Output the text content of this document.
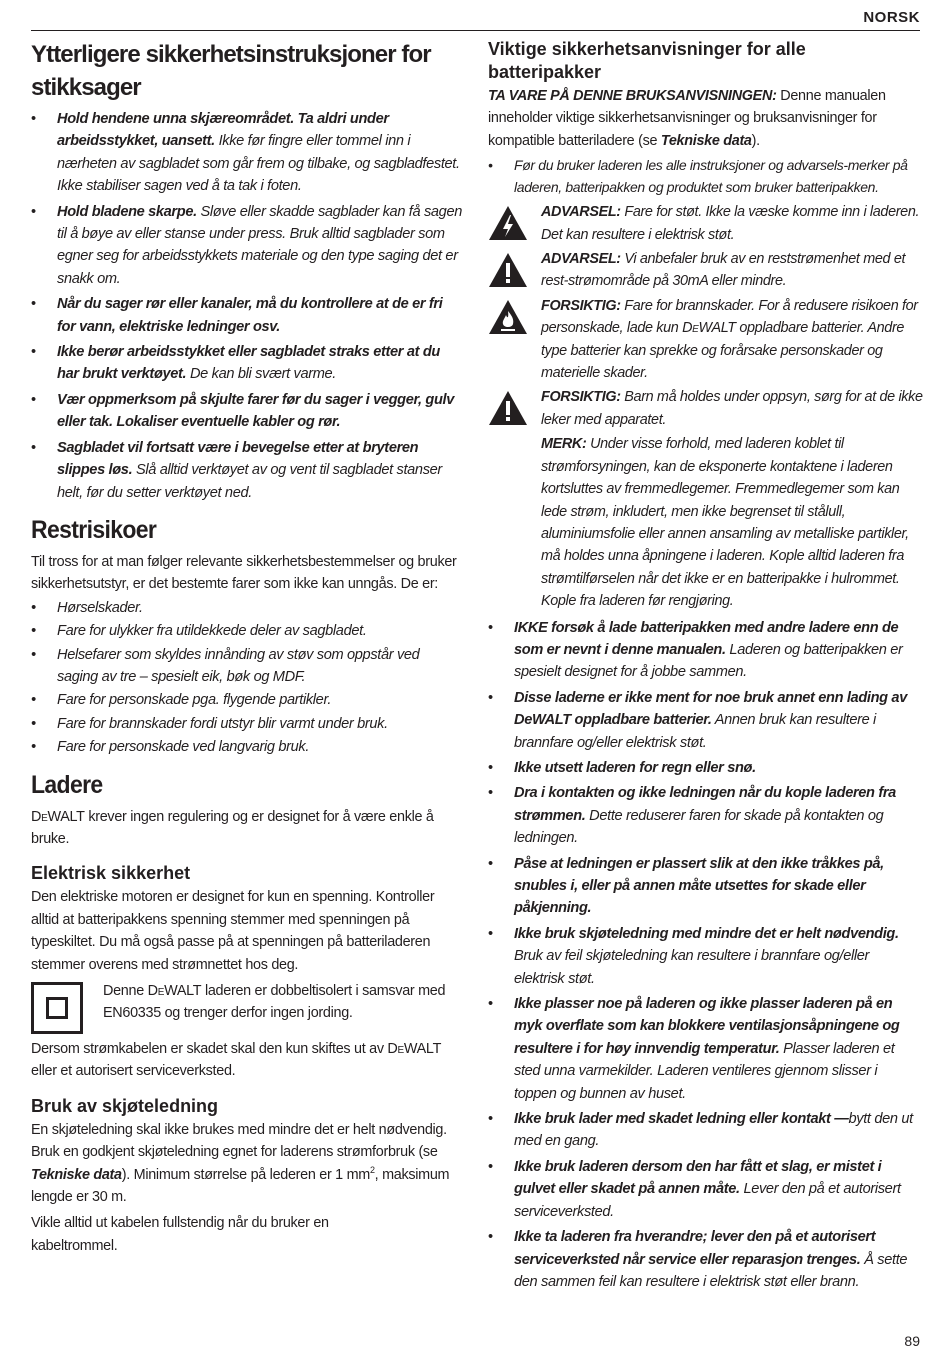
NORSK
Ytterligere sikkerhetsinstruksjoner for stikksager
• Hold hendene unna skjæreområdet. Ta aldri under arbeidsstykket, uansett. Ikke før fingre eller tommel inn i nærheten av sagbladet som går frem og tilbake, og sagbladfestet. Ikke stabiliser sagen ved å ta tak i foten.
• Hold bladene skarpe. Sløve eller skadde sagblader kan få sagen til å bøye av eller stanse under press. Bruk alltid sagblader som egner seg for arbeidsstykkets materiale og den type saging det er snakk om.
• Når du sager rør eller kanaler, må du kontrollere at de er fri for vann, elektriske ledninger osv.
• Ikke berør arbeidsstykket eller sagbladet straks etter at du har brukt verktøyet. De kan bli svært varme.
• Vær oppmerksom på skjulte farer før du sager i vegger, gulv eller tak. Lokaliser eventuelle kabler og rør.
• Sagbladet vil fortsatt være i bevegelse etter at bryteren slippes løs. Slå alltid verktøyet av og vent til sagbladet stanser helt, før du setter verktøyet ned.
Restrisikoer

Til tross for at man følger relevante sikkerhetsbestemmelser og bruker sikkerhetsutstyr, er det bestemte farer som ikke kan unngås. De er:

• Hørselskader.
• Fare for ulykker fra utildekkede deler av sagbladet.
• Helsefarer som skyldes innånding av støv som oppstår ved saging av tre – spesielt eik, bøk og MDF.
• Fare for personskade pga. flygende partikler.
• Fare for brannskader fordi utstyr blir varmt under bruk.
• Fare for personskade ved langvarig bruk.
Ladere

DeWALT krever ingen regulering og er designet for å være enkle å bruke.

Elektrisk sikkerhet

Den elektriske motoren er designet for kun en spenning. Kontroller alltid at batteripakkens spenning stemmer med spenningen på typeskiltet. Du må også passe på at spenningen på batteriladeren stemmer overens med strømnettet hos deg.

Denne DeWALT laderen er dobbeltisolert i samsvar med EN60335 og trenger derfor ingen jording.

Dersom strømkabelen er skadet skal den kun skiftes ut av DeWALT eller et autorisert serviceverksted.

Bruk av skjøteledning

En skjøteledning skal ikke brukes med mindre det er helt nødvendig. Bruk en godkjent skjøteledning egnet for laderens strømforbruk (se Tekniske data). Minimum størrelse på lederen er 1 $mm^2$, maksimum lengde er 30 m.

Vikle alltid ut kabelen fullstendig når du bruker en kabeltrommel.

Viktige sikkerhetsanvisninger for alle batteripakker

TA VARE PÅ DENNE BRUKSANVISNINGEN: Denne manualen inneholder viktige sikkerhetsanvisninger og bruksanvisninger for kompatible batteriladere (se Tekniske data).

• Før du bruker laderen les alle instruksjoner og advarsels-merker på laderen, batteripakken og produktet som bruker batteripakken.

ADVARSEL: Fare for støt. Ikke la væske komme inn i laderen. Det kan resultere i elektrisk støt.

ADVARSEL: Vi anbefaler bruk av en reststrømenhet med et rest-strømområde på 30mA eller mindre.

FORSIKTIG: Fare for brannskader. For å redusere risikoen for personskade, lade kun DeWALT oppladbare batterier. Andre type batterier kan sprekke og forårsake personskader og materielle skader.

FORSIKTIG: Barn må holdes under oppsyn, sørg for at de ikke leker med apparatet.

MERK: Under visse forhold, med laderen koblet til strømforsyningen, kan de eksponerte kontaktene i laderen kortsluttes av fremmedlegemer. Fremmedlegemer som kan lede strøm, inkludert, men ikke begrenset til stålull, aluminiumsfolie eller annen ansamling av metalliske partikler, må holdes unna åpningene i laderen. Kople alltid laderen fra strømtilførselen når det ikke er en batteripakke i hulrommet. Kople fra laderen før rengjøring.

• IKKE forsøk å lade batteripakken med andre ladere enn de som er nevnt i denne manualen. Laderen og batteripakken er spesielt designet for å jobbe sammen.
• Disse laderne er ikke ment for noe bruk annet enn lading av DeWALT oppladbare batterier. Annen bruk kan resultere i brannfare og/eller elektrisk støt.
• Ikke utsett laderen for regn eller snø.
• Dra i kontakten og ikke ledningen når du kople laderen fra strømmen. Dette reduserer faren for skade på kontakten og ledningen.
• Påse at ledningen er plassert slik at den ikke tråkkes på, snubles i, eller på annen måte utsettes for skade eller påkjenning.
• Ikke bruk skjøteledning med mindre det er helt nødvendig. Bruk av feil skjøteledning kan resultere i brannfare og/eller elektrisk støt.
• Ikke plasser noe på laderen og ikke plasser laderen på en myk overflate som kan blokkere ventilasjonsåpningene og resultere i for høy innvendig temperatur. Plasser laderen et sted unna varmekilder. Laderen ventileres gjennom slisser i toppen og bunnen av huset.
• Ikke bruk lader med skadet ledning eller kontakt —bytt den ut med en gang.
• Ikke bruk laderen dersom den har fått et slag, er mistet i gulvet eller skadet på annen måte. Lever den på et autorisert serviceverksted.
• Ikke ta laderen fra hverandre; lever den på et autorisert serviceverksted når service eller reparasjon trenges. Å sette den sammen feil kan resultere i elektrisk støt eller brann.
89
